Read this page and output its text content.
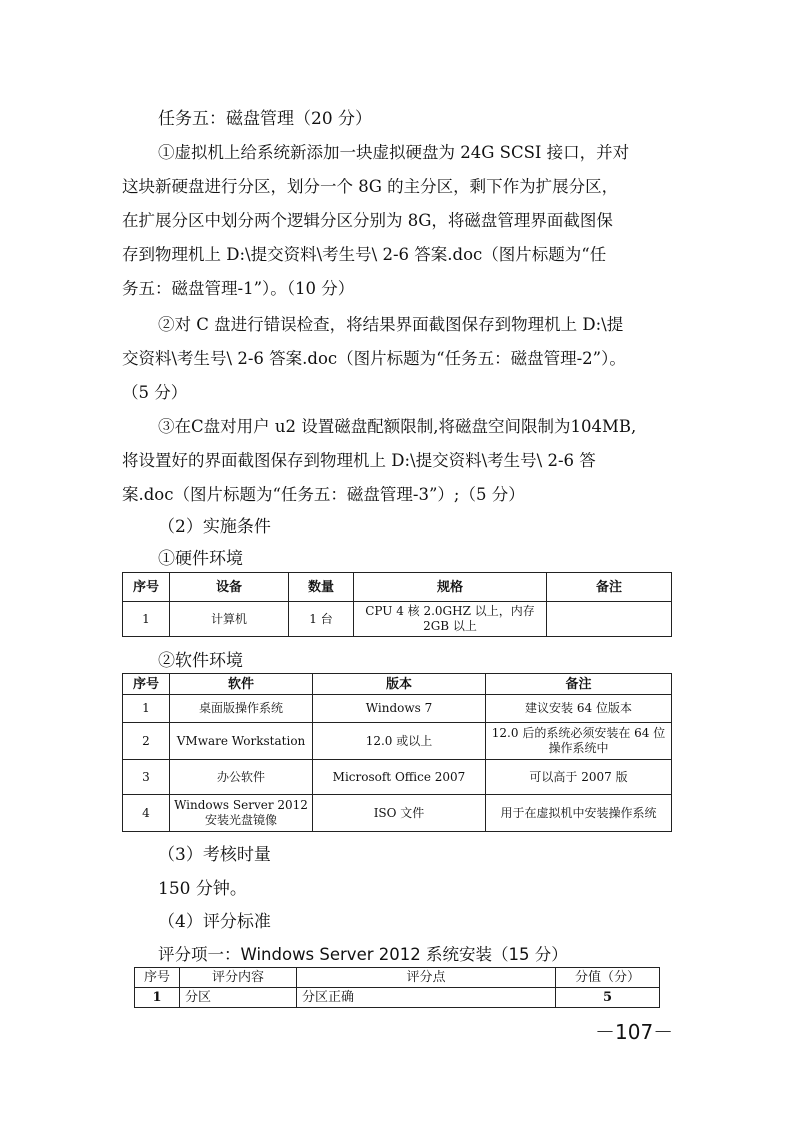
任务五：磁盘管理（20 分）
①虚拟机上给系统新添加一块虚拟硬盘为 24G SCSI 接口，并对
这块新硬盘进行分区，划分一个 8G 的主分区，剩下作为扩展分区，
在扩展分区中划分两个逻辑分区分别为 8G，将磁盘管理界面截图保
存到物理机上 D:\提交资料\考生号\ 2-6 答案.doc（图片标题为“任
务五：磁盘管理-1”）。（10 分）
②对 C 盘进行错误检查，将结果界面截图保存到物理机上 D:\提
交资料\考生号\ 2-6 答案.doc（图片标题为“任务五：磁盘管理-2”）。
（5 分）
③在C盘对用户 u2 设置磁盘配额限制,将磁盘空间限制为104MB,
将设置好的界面截图保存到物理机上 D:\提交资料\考生号\ 2-6 答
案.doc（图片标题为“任务五：磁盘管理-3”）;（5 分）
（2）实施条件
①硬件环境
序号	设备	数量	规格	备注
1	计算机	1 台	CPU 4 核 2.0GHZ 以上，内存 2GB 以上	
②软件环境
序号	软件	版本	备注
1	桌面版操作系统	Windows 7	建议安装 64 位版本
2	VMware Workstation	12.0 或以上	12.0 后的系统必须安装在 64 位操作系统中
3	办公软件	Microsoft Office 2007	可以高于 2007 版
4	Windows Server 2012 安装光盘镜像	ISO 文件	用于在虚拟机中安装操作系统
（3）考核时量
150 分钟。
（4）评分标准
评分项一：Windows Server 2012 系统安装（15 分）
序号	评分内容	评分点	分值（分）
1	分区	分区正确	5
－107－
